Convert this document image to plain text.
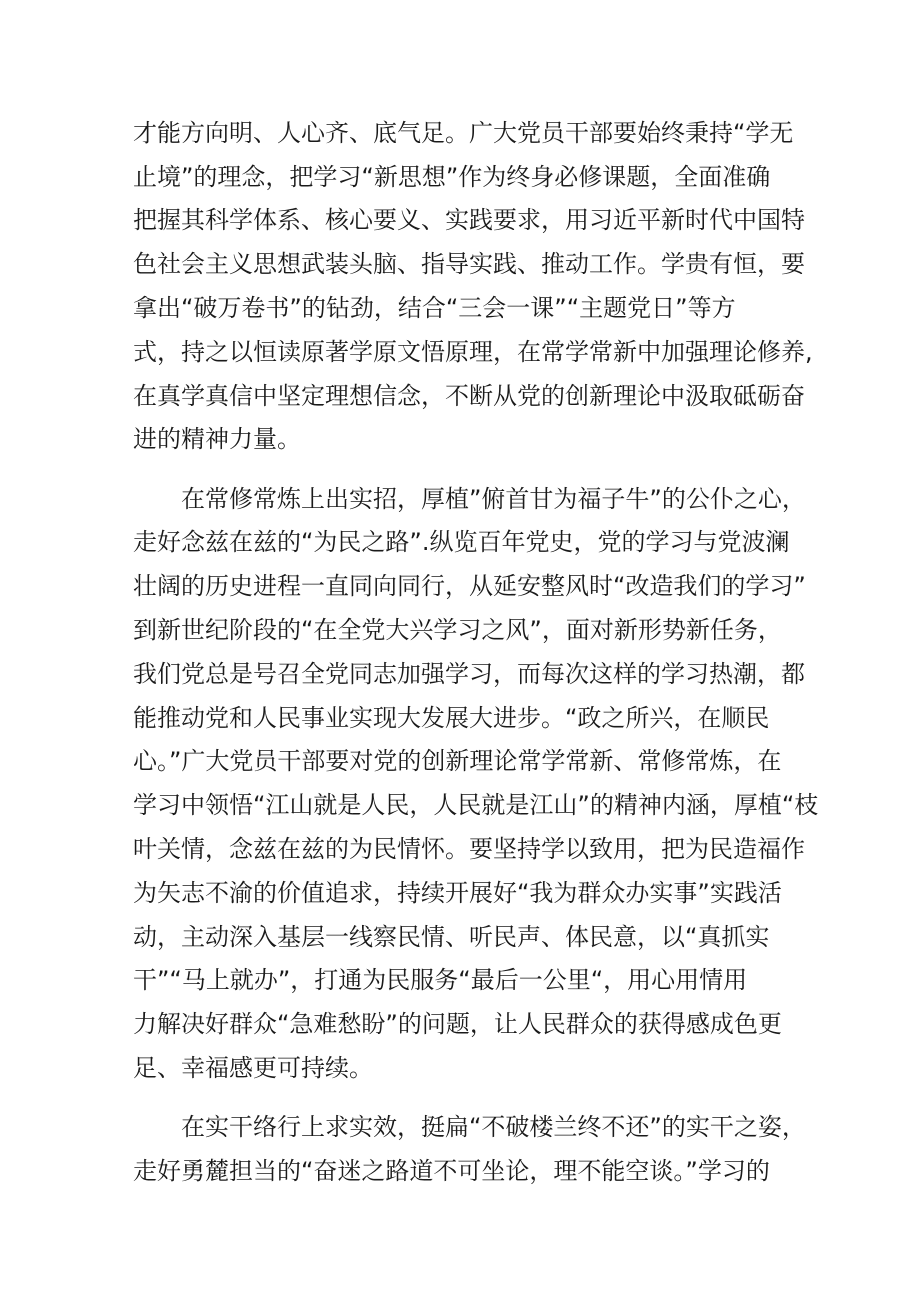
才能方向明、人心齐、底气足。广大党员干部要始终秉持“学无
止境”的理念，把学习“新思想”作为终身必修课题，全面准确
把握其科学体系、核心要义、实践要求，用习近平新时代中国特
色社会主义思想武装头脑、指导实践、推动工作。学贵有恒，要
拿出“破万卷书”的钻劲，结合“三会一课”“主题党日”等方
式，持之以恒读原著学原文悟原理，在常学常新中加强理论修养,
在真学真信中坚定理想信念，不断从党的创新理论中汲取砥砺奋
进的精神力量。
在常修常炼上出实招，厚植”俯首甘为福子牛”的公仆之心，
走好念兹在兹的“为民之路”.纵览百年党史，党的学习与党波澜
壮阔的历史进程一直同向同行，从延安整风时“改造我们的学习”
到新世纪阶段的“在全党大兴学习之风”，面对新形势新任务，
我们党总是号召全党同志加强学习，而每次这样的学习热潮，都
能推动党和人民事业实现大发展大进步。“政之所兴，在顺民
心。”广大党员干部要对党的创新理论常学常新、常修常炼，在
学习中领悟“江山就是人民，人民就是江山”的精神内涵，厚植“枝
叶关情，念兹在兹的为民情怀。要坚持学以致用，把为民造福作
为矢志不渝的价值追求，持续开展好“我为群众办实事”实践活
动，主动深入基层一线察民情、听民声、体民意，以“真抓实
干”“马上就办”，打通为民服务“最后一公里“，用心用情用
力解决好群众“急难愁盼”的问题，让人民群众的获得感成色更
足、幸福感更可持续。
在实干络行上求实效，挺扁“不破楼兰终不还”的实干之姿，
走好勇麓担当的“奋迷之路道不可坐论，理不能空谈。”学习的
